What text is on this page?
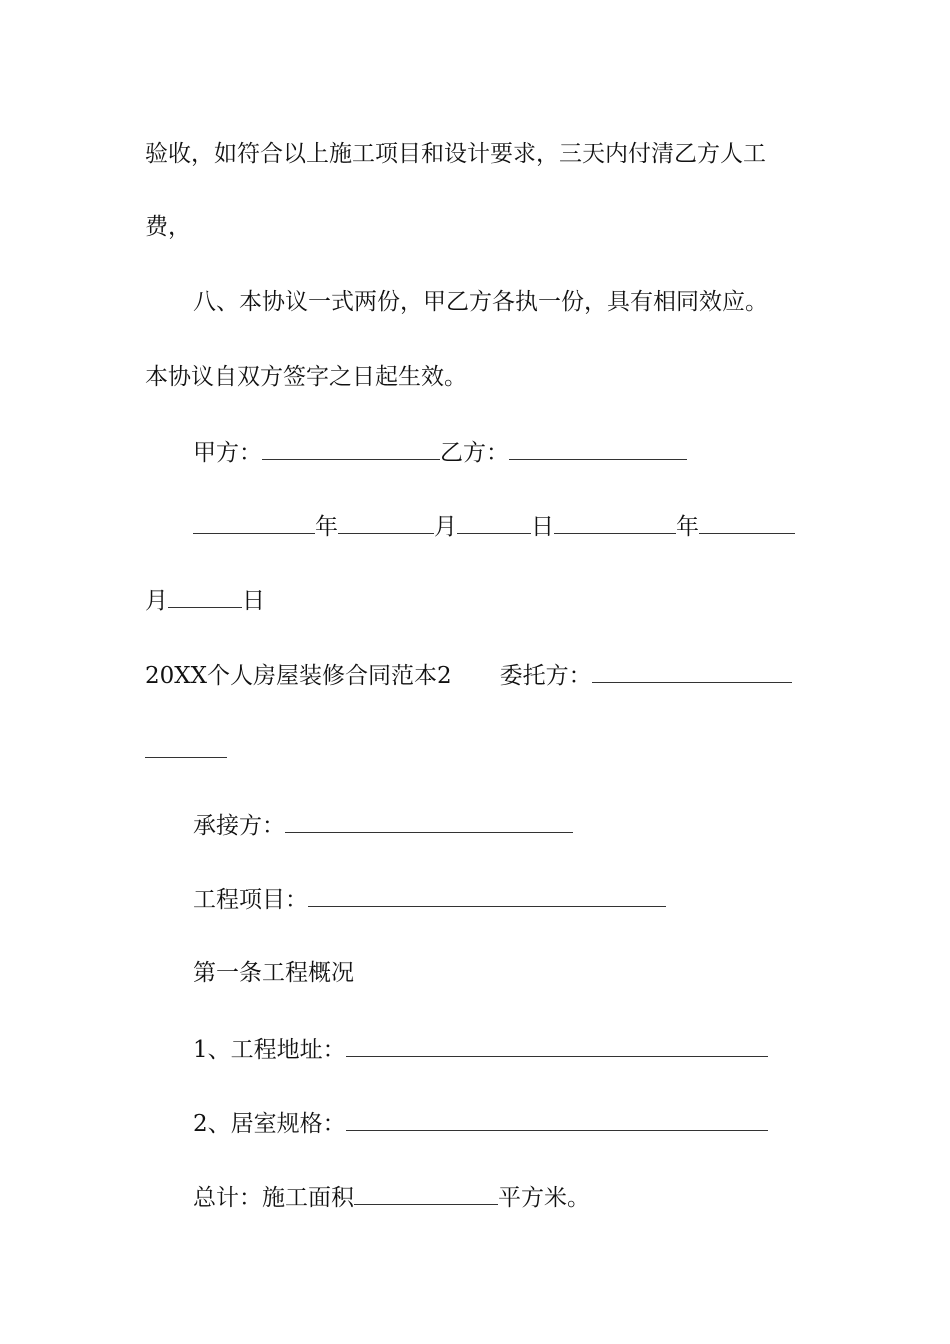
验收，如符合以上施工项目和设计要求，三天内付清乙方人工
费，
八、本协议一式两份，甲乙方各执一份，具有相同效应。
本协议自双方签字之日起生效。
甲方：	乙方：
年	月	日	年
月	日
20XX个人房屋装修合同范本2 委托方：
承接方：
工程项目：
第一条工程概况
1、工程地址：
2、居室规格：
总计：施工面积	平方米。
